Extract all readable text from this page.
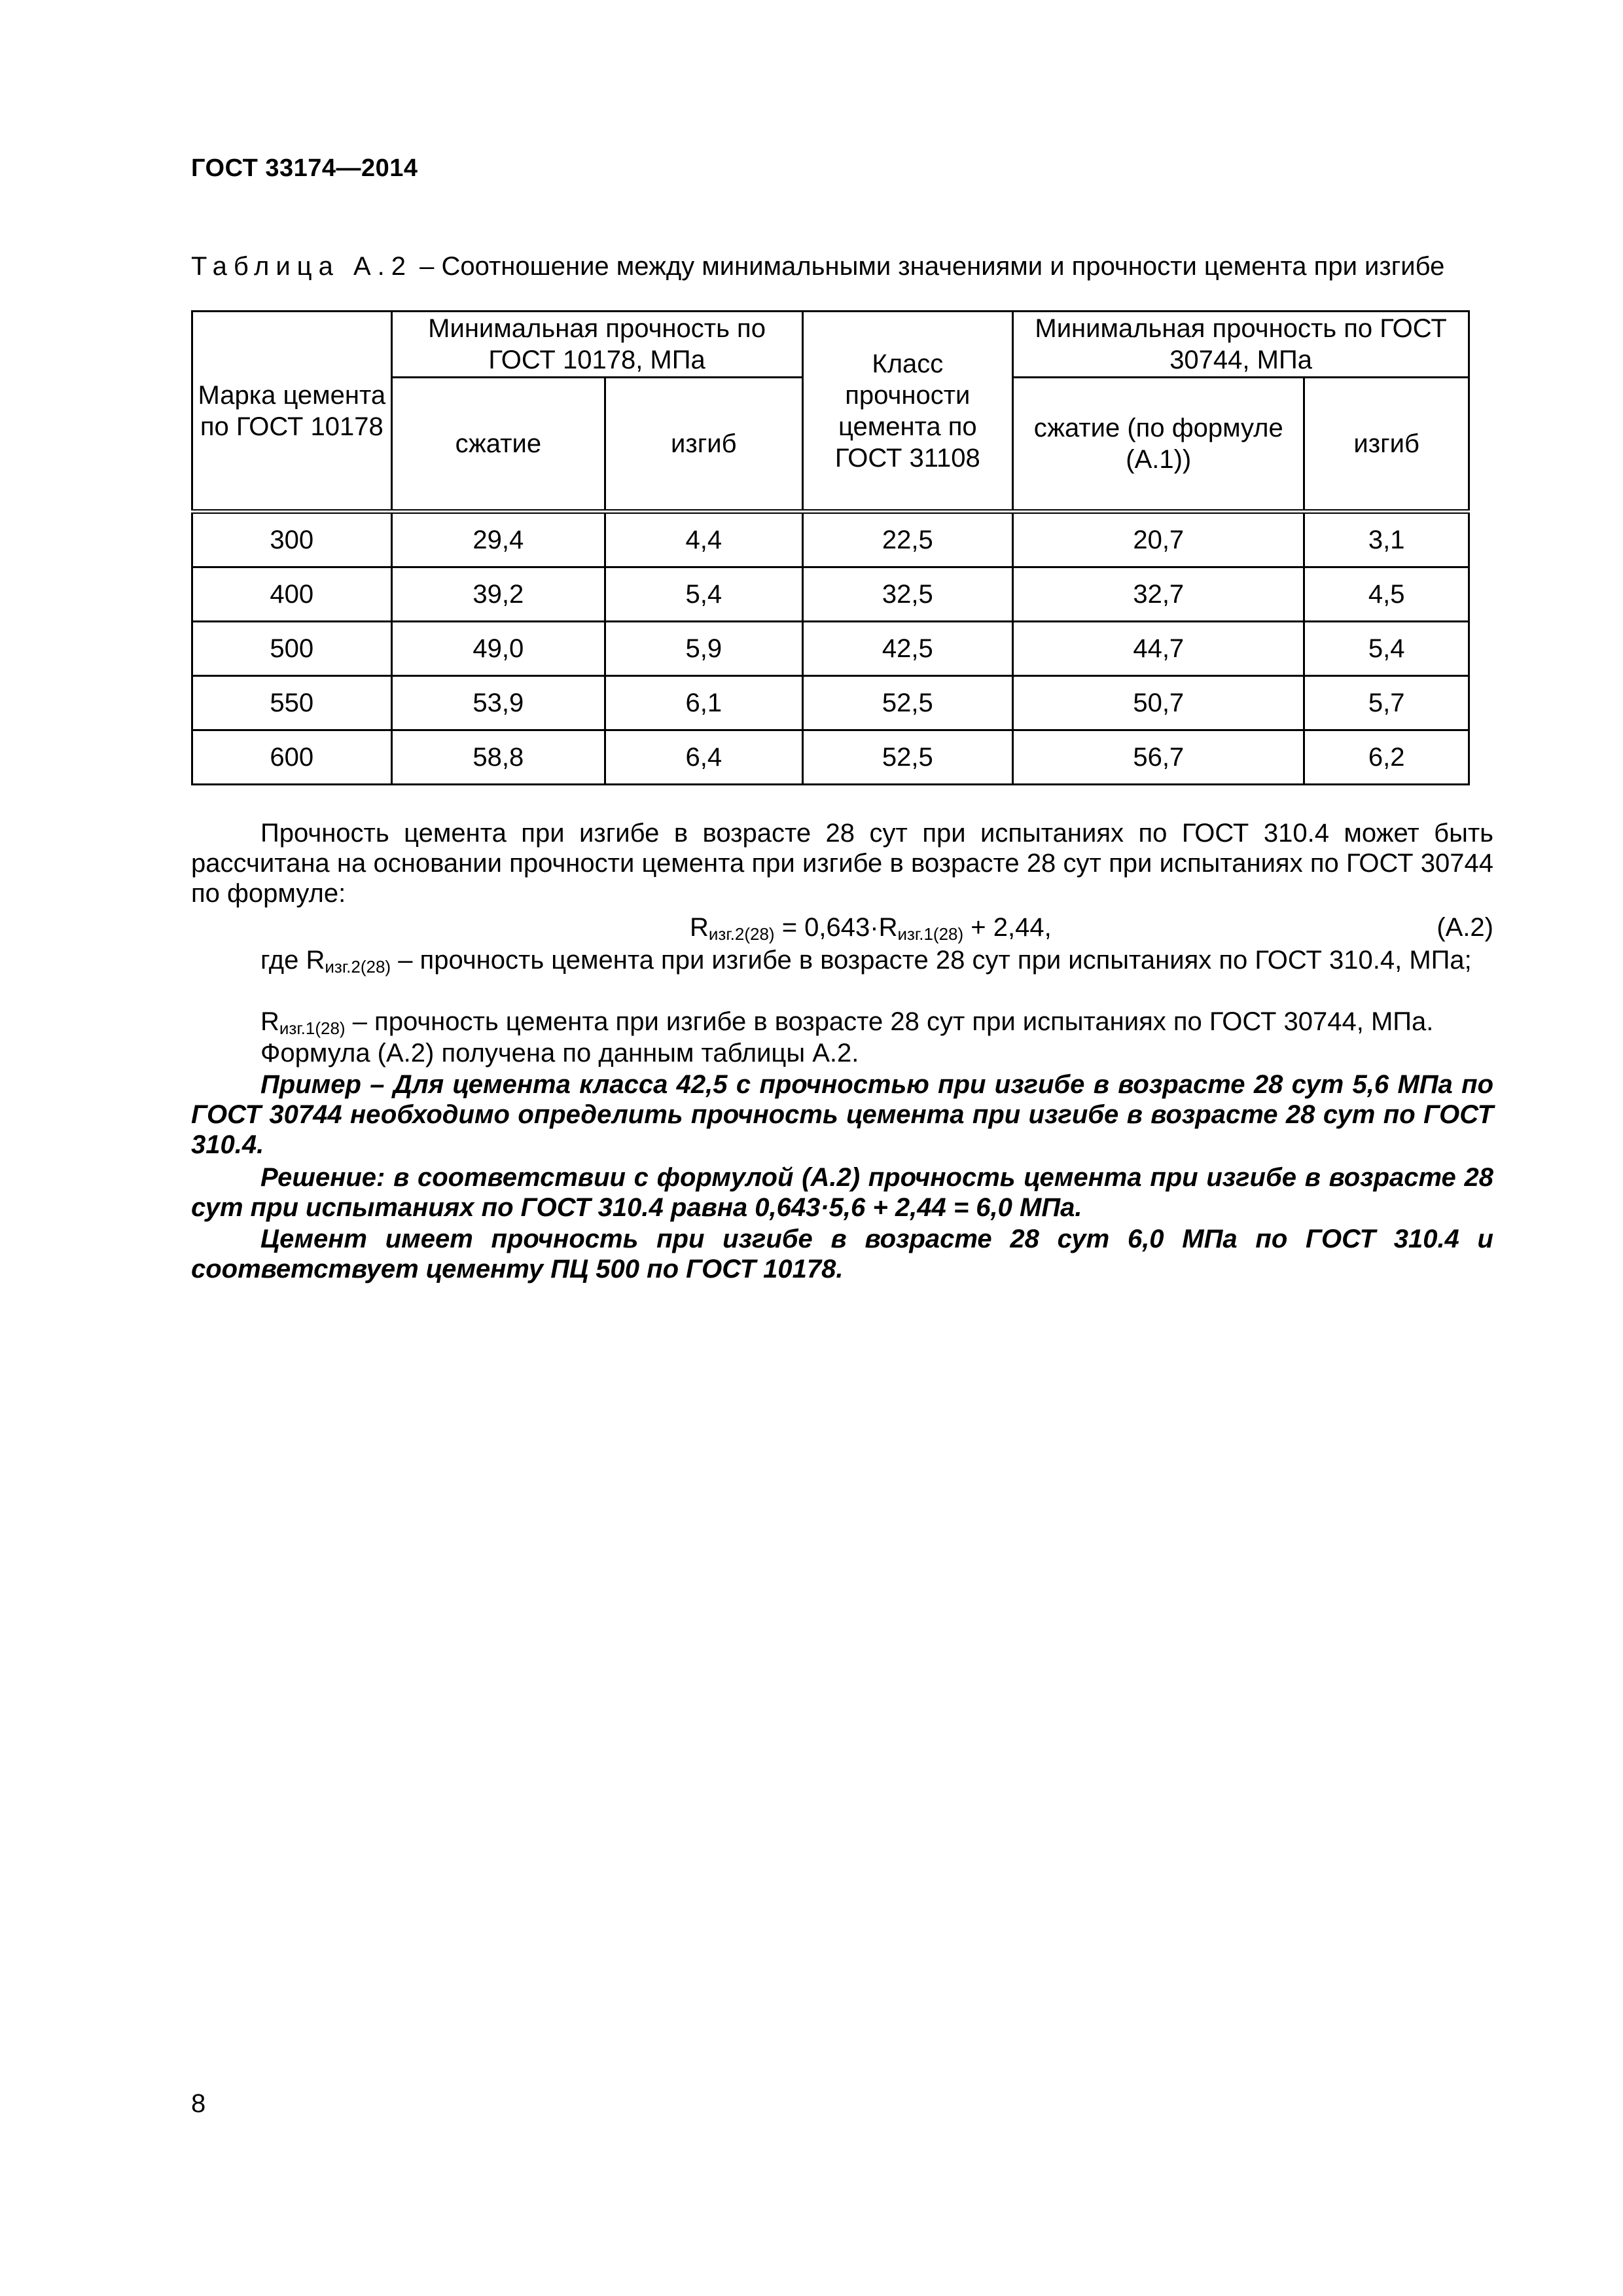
ГОСТ 33174—2014
Таблица А.2 – Соотношение между минимальными значениями и прочности цемента при изгибе
Марка цемента по ГОСТ 10178	Минимальная прочность по ГОСТ 10178, МПа		Класс прочности цемента по ГОСТ 31108	Минимальная прочность по ГОСТ 30744, МПа	
	сжатие	изгиб		сжатие (по формуле (А.1))	изгиб
300	29,4	4,4	22,5	20,7	3,1
400	39,2	5,4	32,5	32,7	4,5
500	49,0	5,9	42,5	44,7	5,4
550	53,9	6,1	52,5	50,7	5,7
600	58,8	6,4	52,5	56,7	6,2
Прочность цемента при изгибе в возрасте 28 сут при испытаниях по ГОСТ 310.4 может быть рассчитана на основании прочности цемента при изгибе в возрасте 28 сут при испытаниях по ГОСТ 30744 по формуле:
$R_{изг.2(28)} = 0,643\cdot R_{изг.1(28)} + 2,44$,	(А.2)
где $R_{изг.2(28)}$ – прочность цемента при изгибе в возрасте 28 сут при испытаниях по ГОСТ 310.4, МПа;
$R_{изг.1(28)}$ – прочность цемента при изгибе в возрасте 28 сут при испытаниях по ГОСТ 30744, МПа.
Формула (А.2) получена по данным таблицы А.2.
Пример – Для цемента класса 42,5 с прочностью при изгибе в возрасте 28 сут 5,6 МПа по ГОСТ 30744 необходимо определить прочность цемента при изгибе в возрасте 28 сут по ГОСТ 310.4.
Решение: в соответствии с формулой (А.2) прочность цемента при изгибе в возрасте 28 сут при испытаниях по ГОСТ 310.4 равна 0,643·5,6 + 2,44 = 6,0 МПа.
Цемент имеет прочность при изгибе в возрасте 28 сут 6,0 МПа по ГОСТ 310.4 и соответствует цементу ПЦ 500 по ГОСТ 10178.
8
